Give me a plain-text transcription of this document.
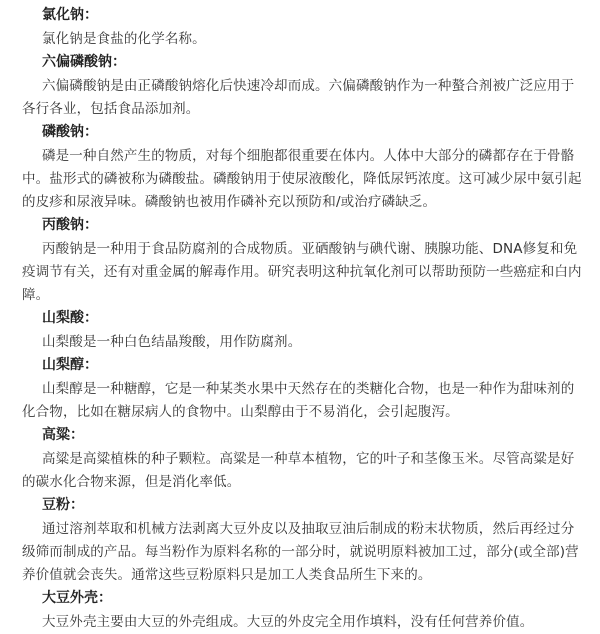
氯化钠：

氯化钠是食盐的化学名称。

六偏磷酸钠：

六偏磷酸钠是由正磷酸钠熔化后快速冷却而成。六偏磷酸钠作为一种螯合剂被广泛应用于各行各业，包括食品添加剂。

磷酸钠：

磷是一种自然产生的物质，对每个细胞都很重要在体内。人体中大部分的磷都存在于骨骼中。盐形式的磷被称为磷酸盐。磷酸钠用于使尿液酸化，降低尿钙浓度。这可减少尿中氨引起的皮疹和尿液异味。磷酸钠也被用作磷补充以预防和/或治疗磷缺乏。

丙酸钠：

丙酸钠是一种用于食品防腐剂的合成物质。亚硒酸钠与碘代谢、胰腺功能、DNA修复和免疫调节有关，还有对重金属的解毒作用。研究表明这种抗氧化剂可以帮助预防一些癌症和白内障。

山梨酸：

山梨酸是一种白色结晶羧酸，用作防腐剂。

山梨醇：

山梨醇是一种糖醇，它是一种某类水果中天然存在的类糖化合物，也是一种作为甜味剂的化合物，比如在糖尿病人的食物中。山梨醇由于不易消化，会引起腹泻。

高粱：

高粱是高粱植株的种子颗粒。高粱是一种草本植物，它的叶子和茎像玉米。尽管高粱是好的碳水化合物来源，但是消化率低。

豆粉：

通过溶剂萃取和机械方法剥离大豆外皮以及抽取豆油后制成的粉末状物质，然后再经过分级筛而制成的产品。每当粉作为原料名称的一部分时，就说明原料被加工过，部分(或全部)营养价值就会丧失。通常这些豆粉原料只是加工人类食品所生下来的。

大豆外壳：

大豆外壳主要由大豆的外壳组成。大豆的外皮完全用作填料，没有任何营养价值。
